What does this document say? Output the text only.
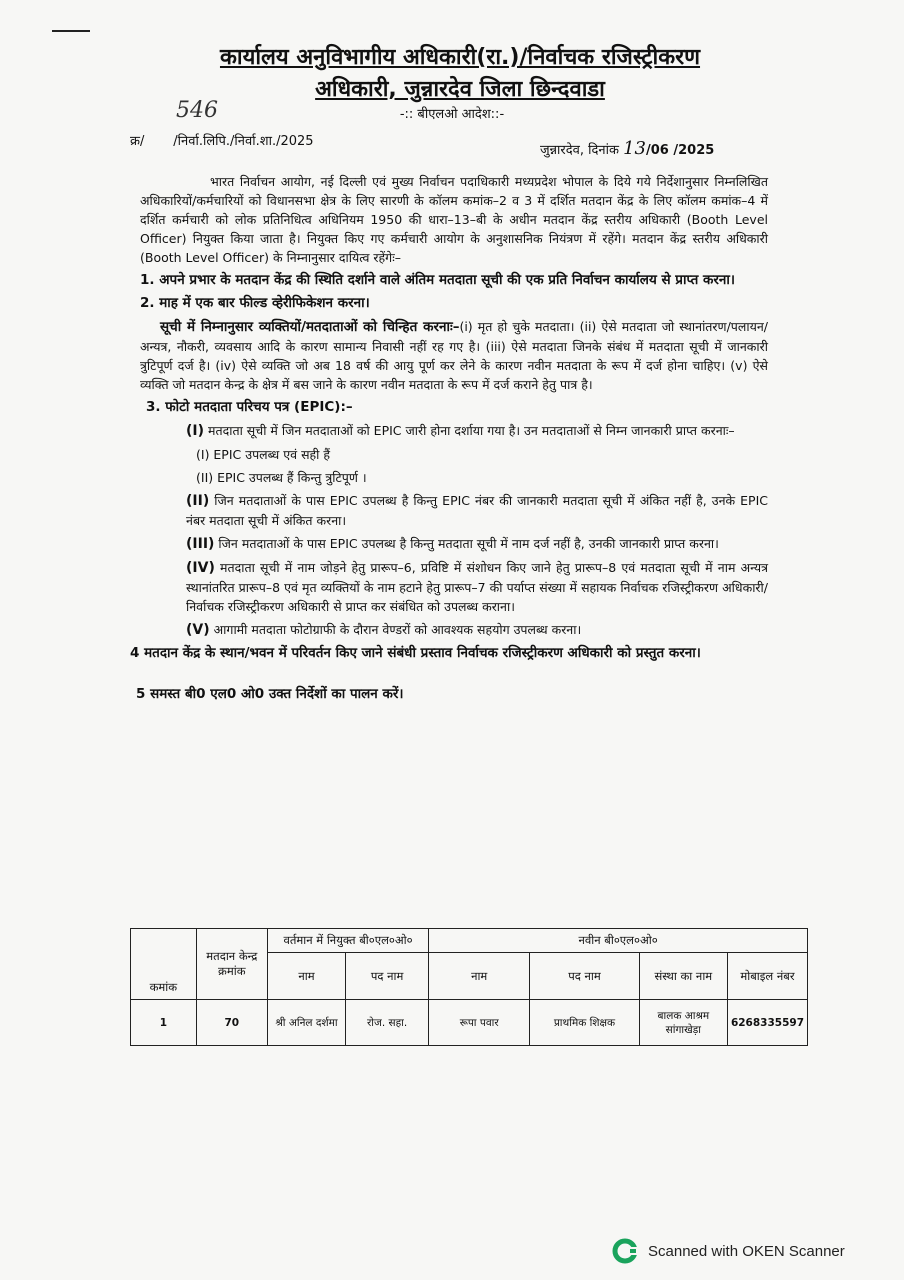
कार्यालय अनुविभागीय अधिकारी(रा.)/निर्वाचक रजिस्ट्रीकरण
अधिकारी, जुन्नारदेव जिला छिन्दवाडा
546	-:: बीएलओ आदेश::-
क्र/       /निर्वा.लिपि./निर्वा.शा./2025
जुन्नारदेव, दिनांक 13/06 /2025

भारत निर्वाचन आयोग, नई दिल्ली एवं मुख्य निर्वाचन पदाधिकारी मध्यप्रदेश भोपाल के दिये गये निर्देशानुसार निम्नलिखित अधिकारियों/कर्मचारियों को विधानसभा क्षेत्र के लिए सारणी के कॉलम कमांक–2 व 3 में दर्शित मतदान केंद्र के लिए कॉलम कमांक–4 में दर्शित कर्मचारी को लोक प्रतिनिधित्व अधिनियम 1950 की धारा–13–बी के अधीन मतदान केंद्र स्तरीय अधिकारी (Booth Level Officer) नियुक्त किया जाता है। नियुक्त किए गए कर्मचारी आयोग के अनुशासनिक नियंत्रण में रहेंगे। मतदान केंद्र स्तरीय अधिकारी (Booth Level Officer) के निम्नानुसार दायित्व रहेंगेः–

1. अपने प्रभार के मतदान केंद्र की स्थिति दर्शाने वाले अंतिम मतदाता सूची की एक प्रति निर्वाचन कार्यालय से प्राप्त करना।

2. माह में एक बार फील्ड व्हेरीफिकेशन करना।

सूची में निम्नानुसार व्यक्तियों/मतदाताओं को चिन्हित करनाः–(i) मृत हो चुके मतदाता। (ii) ऐसे मतदाता जो स्थानांतरण/पलायन/अन्यत्र, नौकरी, व्यवसाय आदि के कारण सामान्य निवासी नहीं रह गए है। (iii) ऐसे मतदाता जिनके संबंध में मतदाता सूची में जानकारी त्रुटिपूर्ण दर्ज है। (iv) ऐसे व्यक्ति जो अब 18 वर्ष की आयु पूर्ण कर लेने के कारण नवीन मतदाता के रूप में दर्ज होना चाहिए। (v) ऐसे व्यक्ति जो मतदान केन्द्र के क्षेत्र में बस जाने के कारण नवीन मतदाता के रूप में दर्ज कराने हेतु पात्र है।

3. फोटो मतदाता परिचय पत्र (EPIC):–

(I) मतदाता सूची में जिन मतदाताओं को EPIC जारी होना दर्शाया गया है। उन मतदाताओं से निम्न जानकारी प्राप्त करनाः–
(I) EPIC उपलब्ध एवं सही हैं
(II) EPIC उपलब्ध हैं किन्तु त्रुटिपूर्ण ।
(II) जिन मतदाताओं के पास EPIC उपलब्ध है किन्तु EPIC नंबर की जानकारी मतदाता सूची में अंकित नहीं है, उनके EPIC नंबर मतदाता सूची में अंकित करना।
(III) जिन मतदाताओं के पास EPIC उपलब्ध है किन्तु मतदाता सूची में नाम दर्ज नहीं है, उनकी जानकारी प्राप्त करना।
(IV) मतदाता सूची में नाम जोड़ने हेतु प्रारूप–6, प्रविष्टि में संशोधन किए जाने हेतु प्रारूप–8 एवं मतदाता सूची में नाम अन्यत्र स्थानांतरित प्रारूप–8 एवं मृत व्यक्तियों के नाम हटाने हेतु प्रारूप–7 की पर्याप्त संख्या में सहायक निर्वाचक रजिस्ट्रीकरण अधिकारी/निर्वाचक रजिस्ट्रीकरण अधिकारी से प्राप्त कर संबंधित को उपलब्ध कराना।
(V) आगामी मतदाता फोटोग्राफी के दौरान वेण्डरों को आवश्यक सहयोग उपलब्ध करना।

4 मतदान केंद्र के स्थान/भवन में परिवर्तन किए जाने संबंधी प्रस्ताव निर्वाचक रजिस्ट्रीकरण अधिकारी को प्रस्तुत करना।

5 समस्त बी0 एल0 ओ0 उक्त निर्देशों का पालन करें।

कमांक	मतदान केन्द्र क्रमांक	वर्तमान में नियुक्त बी०एल०ओ०		नवीन बी०एल०ओ०			
		नाम	पद नाम	नाम	पद नाम	संस्था का नाम	मोबाइल नंबर
1	70	श्री अनिल दर्शमा	रोज. सहा.	रूपा पवार	प्राथमिक शिक्षक	बालक आश्रम सांगाखेड़ा	6268335597
Scanned with OKEN Scanner
